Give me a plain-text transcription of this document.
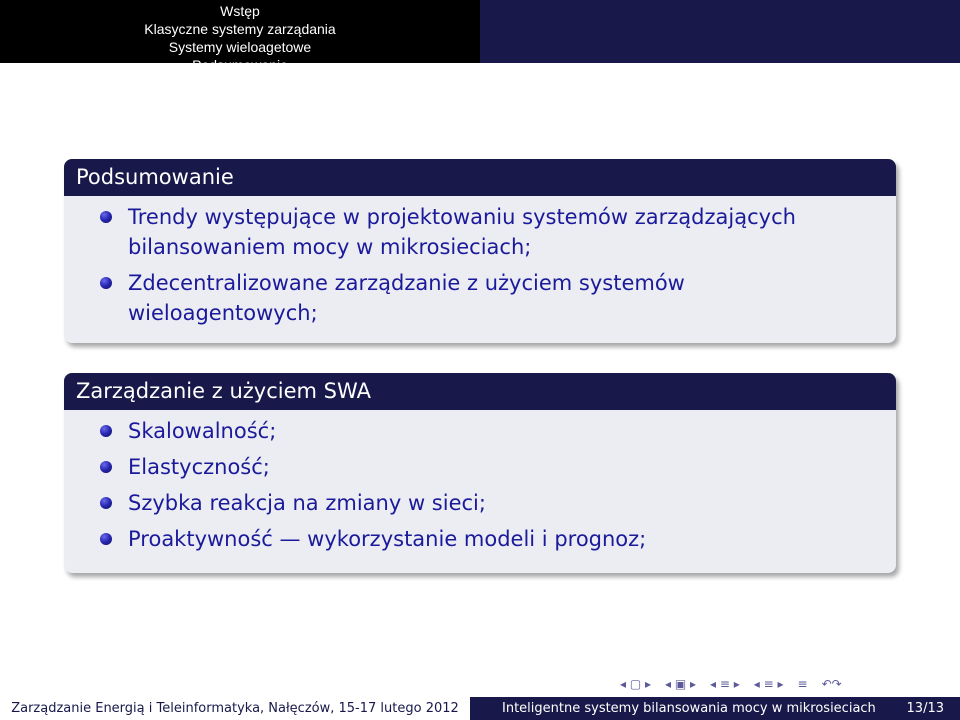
Wstęp
Klasyczne systemy zarządania
Systemy wieloagetowe
Podsumowanie
Podsumowanie
Trendy występujące w projektowaniu systemów zarządzających bilansowaniem mocy w mikrosieciach;
Zdecentralizowane zarządzanie z użyciem systemów wieloagentowych;
Zarządzanie z użyciem SWA
Skalowalność;
Elastyczność;
Szybka reakcja na zmiany w sieci;
Proaktywność — wykorzystanie modeli i prognoz;
◂ ▢ ▸ ◂ ▣ ▸ ◂ ≡ ▸ ◂ ≡ ▸ ≡ ↶↷
Zarządzanie Energią i Teleinformatyka, Nałęczów, 15-17 lutego 2012	Inteligentne systemy bilansowania mocy w mikrosieciach 13/13
